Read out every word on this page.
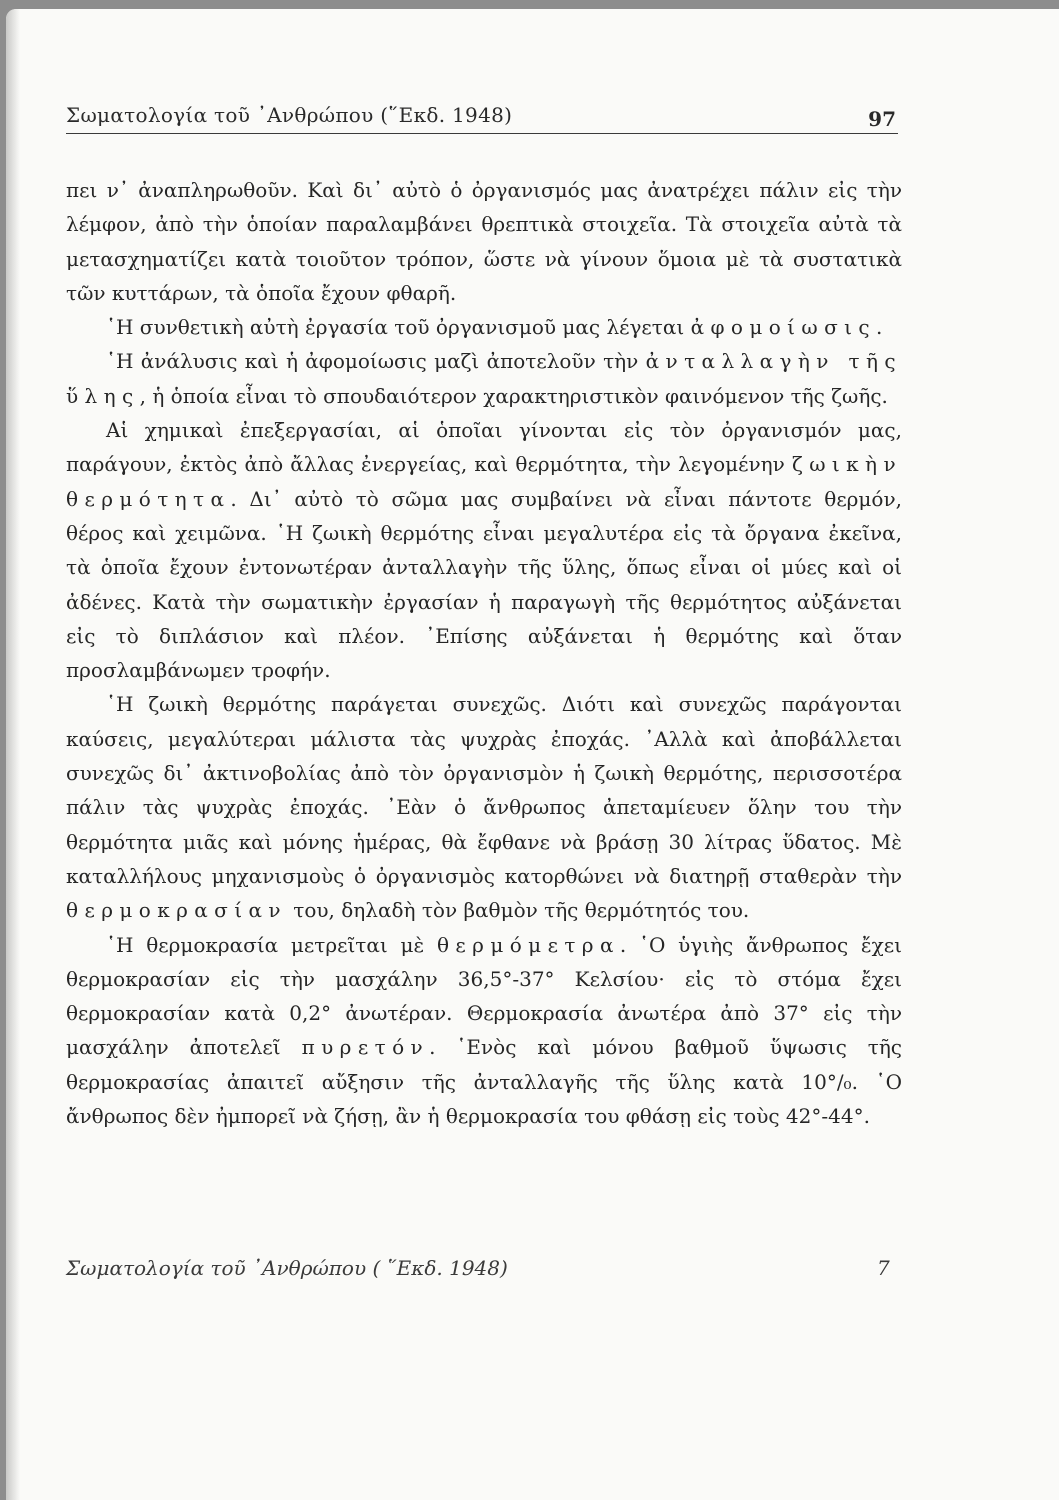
Σωματολογία τοῦ ᾿Ανθρώπου (῞Εκδ. 1948)	97

πει ν᾿ ἀναπληρωθοῦν. Καὶ δι᾿ αὐτὸ ὁ ὀργανισμός μας ἀνατρέχει πάλιν εἰς τὴν λέμφον, ἀπὸ τὴν ὁποίαν παραλαμβάνει θρεπτικὰ στοιχεῖα. Τὰ στοιχεῖα αὐτὰ τὰ μετασχηματίζει κατὰ τοιοῦτον τρόπον, ὥστε νὰ γίνουν ὅμοια μὲ τὰ συστατικὰ τῶν κυττάρων, τὰ ὁποῖα ἔχουν φθαρῆ.

῾Η συνθετικὴ αὐτὴ ἐργασία τοῦ ὀργανισμοῦ μας λέγεται ἀφομοίωσις.

῾Η ἀνάλυσις καὶ ἡ ἀφομοίωσις μαζὶ ἀποτελοῦν τὴν ἀνταλλαγὴν τῆς ὕλης, ἡ ὁποία εἶναι τὸ σπουδαιότερον χαρακτηριστικὸν φαινόμενον τῆς ζωῆς.

Αἱ χημικαὶ ἐπεξεργασίαι, αἱ ὁποῖαι γίνονται εἰς τὸν ὀργανισμόν μας, παράγουν, ἐκτὸς ἀπὸ ἄλλας ἐνεργείας, καὶ θερμότητα, τὴν λεγομένην ζωικὴν θερμότητα. Δι᾿ αὐτὸ τὸ σῶμα μας συμβαίνει νὰ εἶναι πάντοτε θερμόν, θέρος καὶ χειμῶνα. ῾Η ζωικὴ θερμότης εἶναι μεγαλυτέρα εἰς τὰ ὄργανα ἐκεῖνα, τὰ ὁποῖα ἔχουν ἐντονωτέραν ἀνταλλαγὴν τῆς ὕλης, ὅπως εἶναι οἱ μύες καὶ οἱ ἀδένες. Κατὰ τὴν σωματικὴν ἐργασίαν ἡ παραγωγὴ τῆς θερμότητος αὐξάνεται εἰς τὸ διπλάσιον καὶ πλέον. ᾿Επίσης αὐξάνεται ἡ θερμότης καὶ ὅταν προσλαμβάνωμεν τροφήν.

῾Η ζωικὴ θερμότης παράγεται συνεχῶς. Διότι καὶ συνεχῶς παράγονται καύσεις, μεγαλύτεραι μάλιστα τὰς ψυχρὰς ἐποχάς. ᾿Αλλὰ καὶ ἀποβάλλεται συνεχῶς δι᾿ ἀκτινοβολίας ἀπὸ τὸν ὀργανισμὸν ἡ ζωικὴ θερμότης, περισσοτέρα πάλιν τὰς ψυχρὰς ἐποχάς. ᾿Εὰν ὁ ἄνθρωπος ἀπεταμίευεν ὅλην του τὴν θερμότητα μιᾶς καὶ μόνης ἡμέρας, θὰ ἔφθανε νὰ βράσῃ 30 λίτρας ὕδατος. Μὲ καταλλήλους μηχανισμοὺς ὁ ὀργανισμὸς κατορθώνει νὰ διατηρῇ σταθερὰν τὴν θερμοκρασίαν του, δηλαδὴ τὸν βαθμὸν τῆς θερμότητός του.

῾Η θερμοκρασία μετρεῖται μὲ θερμόμετρα. ῾Ο ὑγιὴς ἄνθρωπος ἔχει θερμοκρασίαν εἰς τὴν μασχάλην 36,5°-37° Κελσίου· εἰς τὸ στόμα ἔχει θερμοκρασίαν κατὰ 0,2° ἀνωτέραν. Θερμοκρασία ἀνωτέρα ἀπὸ 37° εἰς τὴν μασχάλην ἀποτελεῖ πυρετόν. ῾Ενὸς καὶ μόνου βαθμοῦ ὕψωσις τῆς θερμοκρασίας ἀπαιτεῖ αὔξησιν τῆς ἀνταλλαγῆς τῆς ὕλης κατὰ 10°/₀. ῾Ο ἄνθρωπος δὲν ἠμπορεῖ νὰ ζήσῃ, ἂν ἡ θερμοκρασία του φθάσῃ εἰς τοὺς 42°-44°.

Σωματολογία τοῦ ᾿Ανθρώπου ( ῞Εκδ. 1948)	7
